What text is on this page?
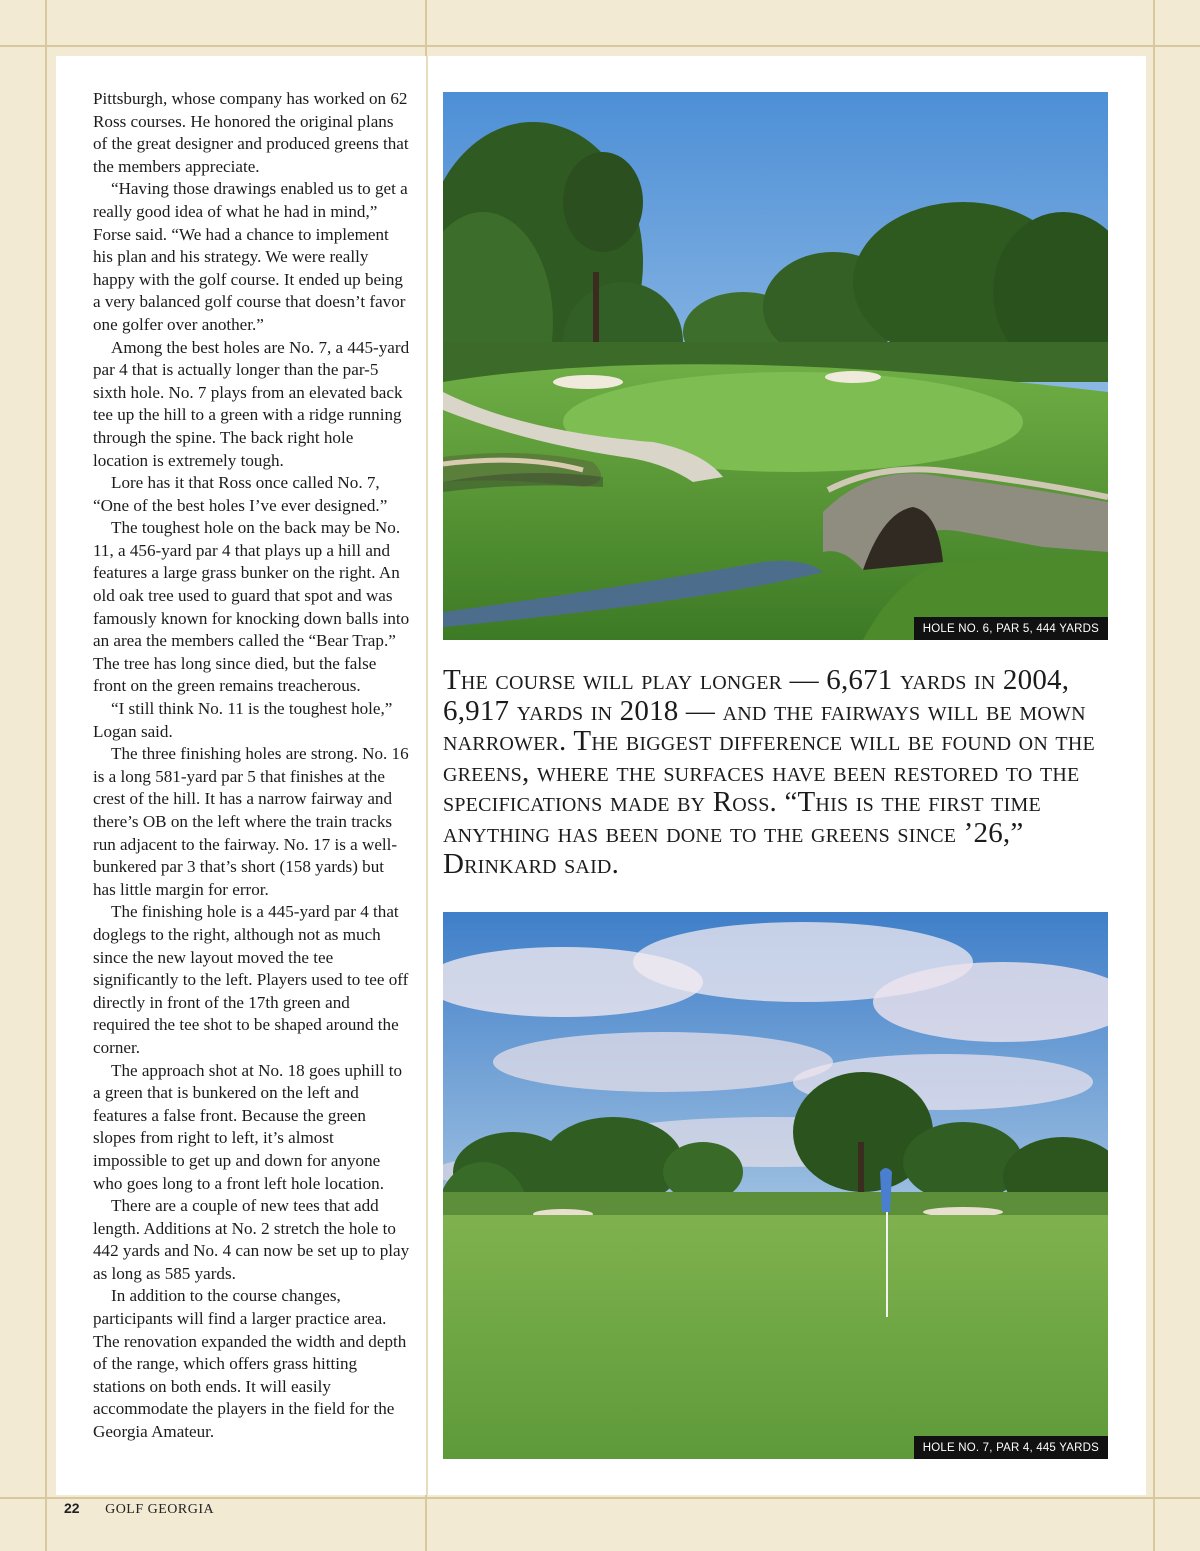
Pittsburgh, whose company has worked on 62 Ross courses. He honored the original plans of the great designer and produced greens that the members appreciate.

“Having those drawings enabled us to get a really good idea of what he had in mind,” Forse said. “We had a chance to implement his plan and his strategy. We were really happy with the golf course. It ended up being a very balanced golf course that doesn’t favor one golfer over another.”

Among the best holes are No. 7, a 445-yard par 4 that is actually longer than the par-5 sixth hole. No. 7 plays from an elevated back tee up the hill to a green with a ridge running through the spine. The back right hole location is extremely tough.

Lore has it that Ross once called No. 7, “One of the best holes I’ve ever designed.”

The toughest hole on the back may be No. 11, a 456-yard par 4 that plays up a hill and features a large grass bunker on the right. An old oak tree used to guard that spot and was famously known for knocking down balls into an area the members called the “Bear Trap.” The tree has long since died, but the false front on the green remains treacherous.

“I still think No. 11 is the toughest hole,” Logan said.

The three finishing holes are strong. No. 16 is a long 581-yard par 5 that finishes at the crest of the hill. It has a narrow fairway and there’s OB on the left where the train tracks run adjacent to the fairway. No. 17 is a well-bunkered par 3 that’s short (158 yards) but has little margin for error.

The finishing hole is a 445-yard par 4 that doglegs to the right, although not as much since the new layout moved the tee significantly to the left. Players used to tee off directly in front of the 17th green and required the tee shot to be shaped around the corner.

The approach shot at No. 18 goes uphill to a green that is bunkered on the left and features a false front. Because the green slopes from right to left, it’s almost impossible to get up and down for anyone who goes long to a front left hole location.

There are a couple of new tees that add length. Additions at No. 2 stretch the hole to 442 yards and No. 4 can now be set up to play as long as 585 yards.

In addition to the course changes, participants will find a larger practice area. The renovation expanded the width and depth of the range, which offers grass hitting stations on both ends. It will easily accommodate the players in the field for the Georgia Amateur.

HOLE NO. 6, PAR 5, 444 YARDS
The course will play longer — 6,671 yards in 2004, 6,917 yards in 2018 — and the fairways will be mown narrower. The biggest difference will be found on the greens, where the surfaces have been restored to the specifications made by Ross. “This is the first time anything has been done to the greens since ’26,” Drinkard said.
HOLE NO. 7, PAR 4, 445 YARDS
22 GOLF GEORGIA
